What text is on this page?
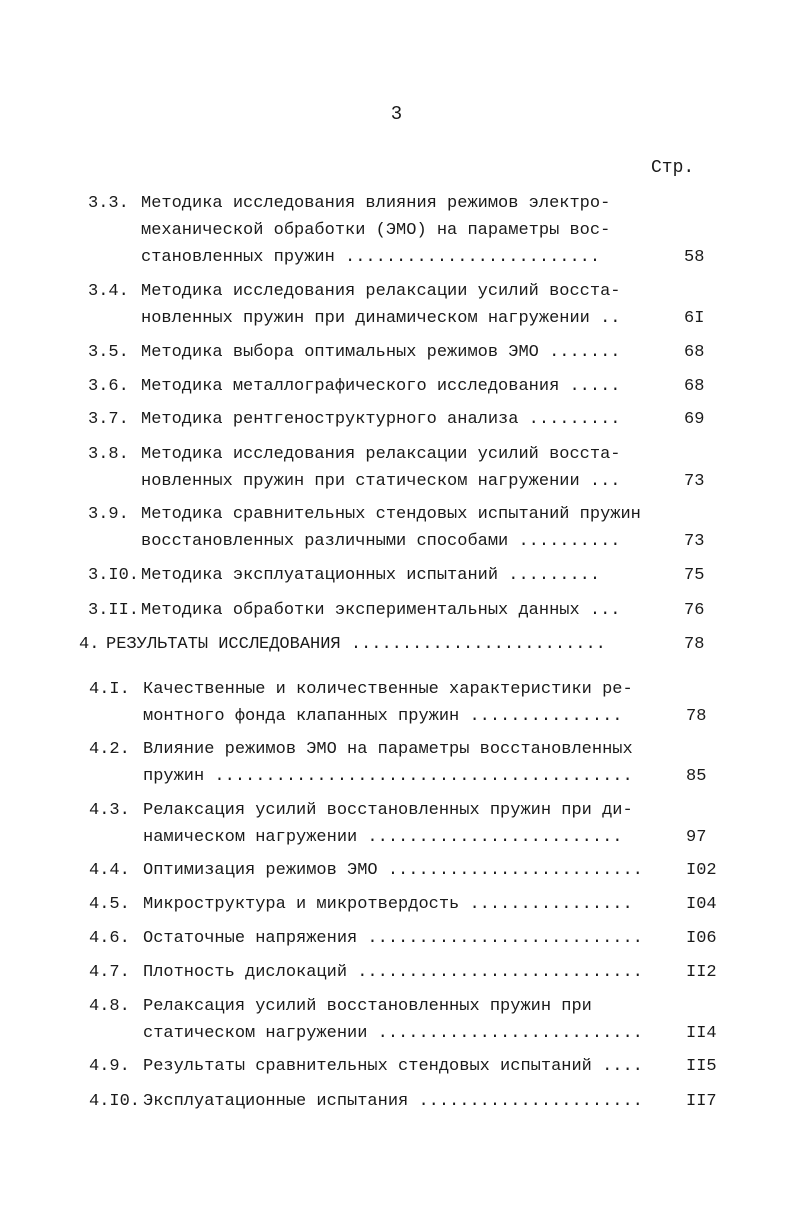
3
Стр.
3.3. Методика исследования влияния режимов электро-
механической обработки (ЭМО) на параметры вос-
становленных пружин .........................	58
3.4. Методика исследования релаксации усилий восста-
новленных пружин при динамическом нагружении ..	6I
3.5. Методика выбора оптимальных режимов ЭМО .......	68
3.6. Методика металлографического исследования .....	68
3.7. Методика рентгеноструктурного анализа .........	69
3.8. Методика исследования релаксации усилий восста-
новленных пружин при статическом нагружении ...	73
3.9. Методика сравнительных стендовых испытаний пружин
восстановленных различными способами ..........	73
3.I0. Методика эксплуатационных испытаний .........	75
3.II. Методика обработки экспериментальных данных ...	76
4. РЕЗУЛЬТАТЫ ИССЛЕДОВАНИЯ .........................	78
4.I. Качественные и количественные характеристики ре-
монтного фонда клапанных пружин ...............	78
4.2. Влияние режимов ЭМО на параметры восстановленных
пружин .........................................	85
4.3. Релаксация усилий восстановленных пружин при ди-
намическом нагружении .........................	97
4.4. Оптимизация режимов ЭМО .........................	I02
4.5. Микроструктура и микротвердость ................	I04
4.6. Остаточные напряжения ...........................	I06
4.7. Плотность дислокаций ............................	II2
4.8. Релаксация усилий восстановленных пружин при
статическом нагружении ..........................	II4
4.9. Результаты сравнительных стендовых испытаний ....	II5
4.I0. Эксплуатационные испытания ......................	II7
